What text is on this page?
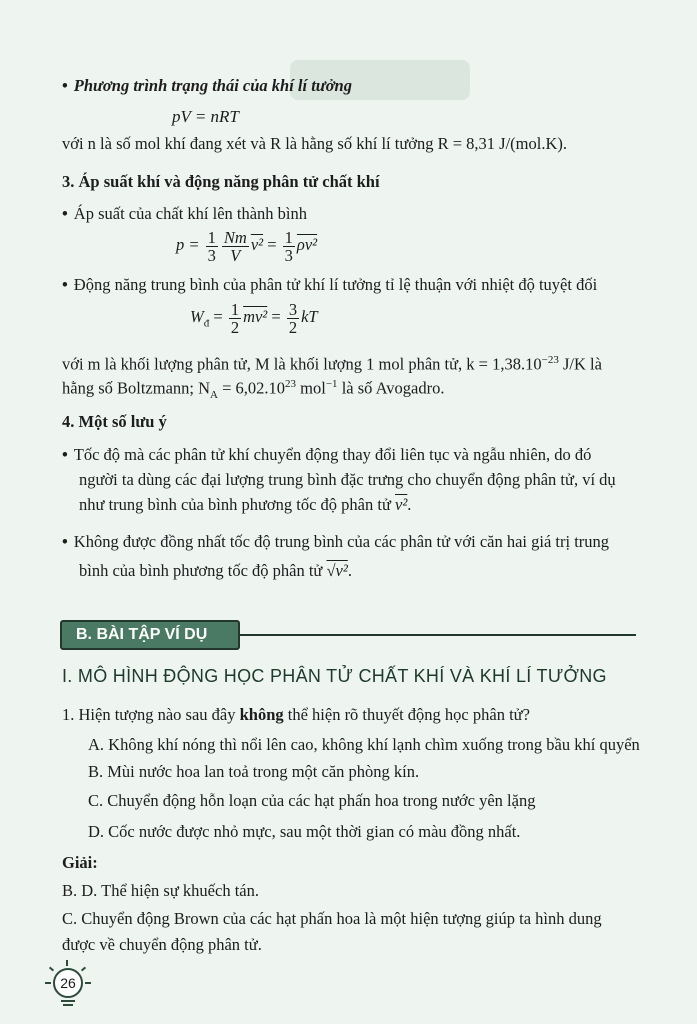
• Phương trình trạng thái của khí lí tưởng
pV = nRT
với n là số mol khí đang xét và R là hằng số khí lí tưởng R = 8,31 J/(mol.K).
3. Áp suất khí và động năng phân tử chất khí
• Áp suất của chất khí lên thành bình
$p = \frac{1}{3} \frac{Nm}{V} v^2 = \frac{1}{3} \rho v^2$
• Động năng trung bình của phân tử khí lí tưởng tỉ lệ thuận với nhiệt độ tuyệt đối
$W_đ = \frac{1}{2} mv^2 = \frac{3}{2}$ kT
với m là khối lượng phân tử, M là khối lượng 1 mol phân tử, $k = 1,38.10^{-23}$ J/K là
hằng số Boltzmann; $N_A = 6,02.10^{23}$ mol$^{-1}$ là số Avogadro.
4. Một số lưu ý
• Tốc độ mà các phân tử khí chuyển động thay đổi liên tục và ngẫu nhiên, do đó
người ta dùng các đại lượng trung bình đặc trưng cho chuyển động phân tử, ví dụ
như trung bình của bình phương tốc độ phân tử v².
• Không được đồng nhất tốc độ trung bình của các phân tử với căn hai giá trị trung
bình của bình phương tốc độ phân tử √v².
B. BÀI TẬP VÍ DỤ
I. MÔ HÌNH ĐỘNG HỌC PHÂN TỬ CHẤT KHÍ VÀ KHÍ LÍ TƯỞNG
1. Hiện tượng nào sau đây không thể hiện rõ thuyết động học phân tử?
A. Không khí nóng thì nổi lên cao, không khí lạnh chìm xuống trong bầu khí quyển
B. Mùi nước hoa lan toả trong một căn phòng kín.
C. Chuyển động hỗn loạn của các hạt phấn hoa trong nước yên lặng
D. Cốc nước được nhỏ mực, sau một thời gian có màu đồng nhất.
Giải:
B. D. Thể hiện sự khuếch tán.
C. Chuyển động Brown của các hạt phấn hoa là một hiện tượng giúp ta hình dung
được về chuyển động phân tử.
26
